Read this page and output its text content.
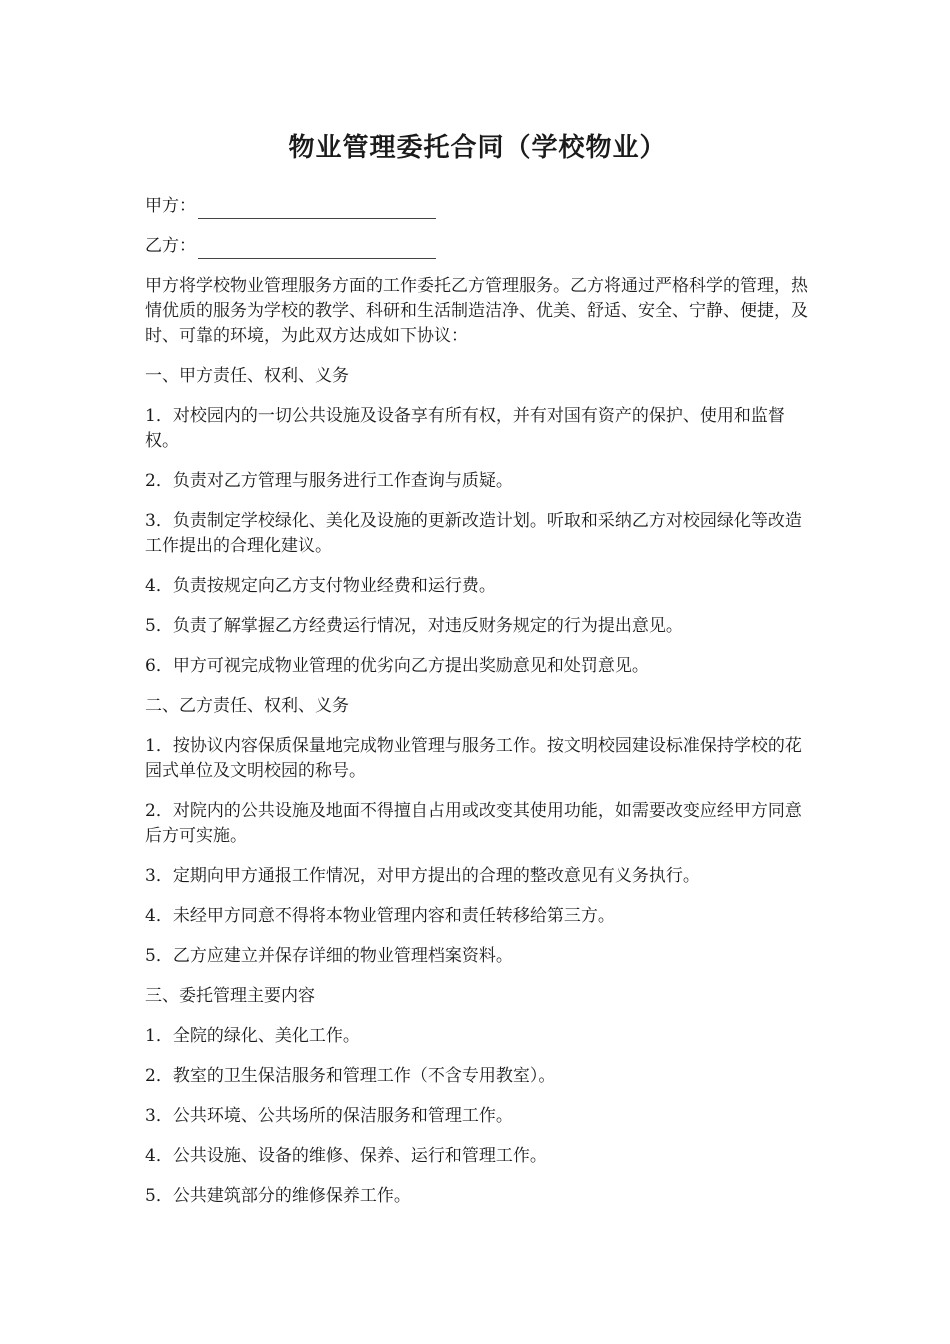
物业管理委托合同（学校物业）
甲方：
乙方：

甲方将学校物业管理服务方面的工作委托乙方管理服务。乙方将通过严格科学的管理，热情优质的服务为学校的教学、科研和生活制造洁净、优美、舒适、安全、宁静、便捷，及时、可靠的环境，为此双方达成如下协议：

一、甲方责任、权利、义务

1．对校园内的一切公共设施及设备享有所有权，并有对国有资产的保护、使用和监督权。

2．负责对乙方管理与服务进行工作查询与质疑。

3．负责制定学校绿化、美化及设施的更新改造计划。听取和采纳乙方对校园绿化等改造工作提出的合理化建议。

4．负责按规定向乙方支付物业经费和运行费。

5．负责了解掌握乙方经费运行情况，对违反财务规定的行为提出意见。

6．甲方可视完成物业管理的优劣向乙方提出奖励意见和处罚意见。

二、乙方责任、权利、义务

1．按协议内容保质保量地完成物业管理与服务工作。按文明校园建设标准保持学校的花园式单位及文明校园的称号。

2．对院内的公共设施及地面不得擅自占用或改变其使用功能，如需要改变应经甲方同意后方可实施。

3．定期向甲方通报工作情况，对甲方提出的合理的整改意见有义务执行。

4．未经甲方同意不得将本物业管理内容和责任转移给第三方。

5．乙方应建立并保存详细的物业管理档案资料。

三、委托管理主要内容

1．全院的绿化、美化工作。

2．教室的卫生保洁服务和管理工作（不含专用教室）。

3．公共环境、公共场所的保洁服务和管理工作。

4．公共设施、设备的维修、保养、运行和管理工作。

5．公共建筑部分的维修保养工作。
